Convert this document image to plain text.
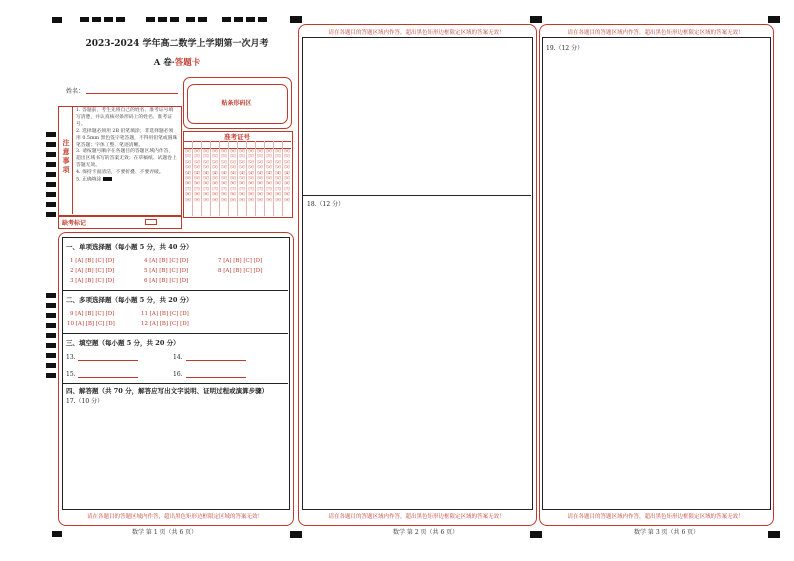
2023-2024 学年高二数学上学期第一次月考
A 卷·答题卡
姓名：
贴条形码区
注意事项
1. 答题前，考生先将自己的姓名、准考证号填写清楚，并认真核对条形码上的姓名、准考证号。
2. 选择题必须用 2B 铅笔填涂；非选择题必须用 0.5mm 黑色签字笔答题，不得用铅笔或圆珠笔答题；字体工整、笔迹清晰。
3. 请按题号顺序在各题目的答题区域内作答，超出区域书写的答案无效；在草稿纸、试题卷上答题无效。
4. 保持卡面清洁，不要折叠、不要弄破。
5. 正确填涂
准考证号
[0]
[1]
[2]
[3]
[4]
[5]
[6]
[7]
[8]
[9]
[0]
[1]
[2]
[3]
[4]
[5]
[6]
[7]
[8]
[9]
[0]
[1]
[2]
[3]
[4]
[5]
[6]
[7]
[8]
[9]
[0]
[1]
[2]
[3]
[4]
[5]
[6]
[7]
[8]
[9]
[0]
[1]
[2]
[3]
[4]
[5]
[6]
[7]
[8]
[9]
[0]
[1]
[2]
[3]
[4]
[5]
[6]
[7]
[8]
[9]
[0]
[1]
[2]
[3]
[4]
[5]
[6]
[7]
[8]
[9]
[0]
[1]
[2]
[3]
[4]
[5]
[6]
[7]
[8]
[9]
[0]
[1]
[2]
[3]
[4]
[5]
[6]
[7]
[8]
[9]
[0]
[1]
[2]
[3]
[4]
[5]
[6]
[7]
[8]
[9]
[0]
[1]
[2]
[3]
[4]
[5]
[6]
[7]
[8]
[9]
[0]
[1]
[2]
[3]
[4]
[5]
[6]
[7]
[8]
[9]
缺考标记
一、单项选择题（每小题 5 分，共 40 分）
1 [A] [B] [C] [D]
2 [A] [B] [C] [D]
3 [A] [B] [C] [D]
4 [A] [B] [C] [D]
5 [A] [B] [C] [D]
6 [A] [B] [C] [D]
7 [A] [B] [C] [D]
8 [A] [B] [C] [D]
二、多项选择题（每小题 5 分，共 20 分）
9 [A] [B] [C] [D]
10 [A] [B] [C] [D]
11 [A] [B] [C] [D]
12 [A] [B] [C] [D]
三、填空题（每小题 5 分，共 20 分）
13.	14.
15.	16.
四、解答题（共 70 分，解答应写出文字说明、证明过程或演算步骤）
17.（10 分）
请在各题目的答题区域内作答，超出黑色矩形边框限定区域的答案无效！
数学 第 1 页（共 6 页）
请在各题目的答题区域内作答，超出黑色矩形边框限定区域的答案无效！
18.（12 分）
请在各题目的答题区域内作答，超出黑色矩形边框限定区域的答案无效！
数学 第 2 页（共 6 页）
请在各题目的答题区域内作答，超出黑色矩形边框限定区域的答案无效！
19.（12 分）
请在各题目的答题区域内作答，超出黑色矩形边框限定区域的答案无效！
数学 第 3 页（共 6 页）
